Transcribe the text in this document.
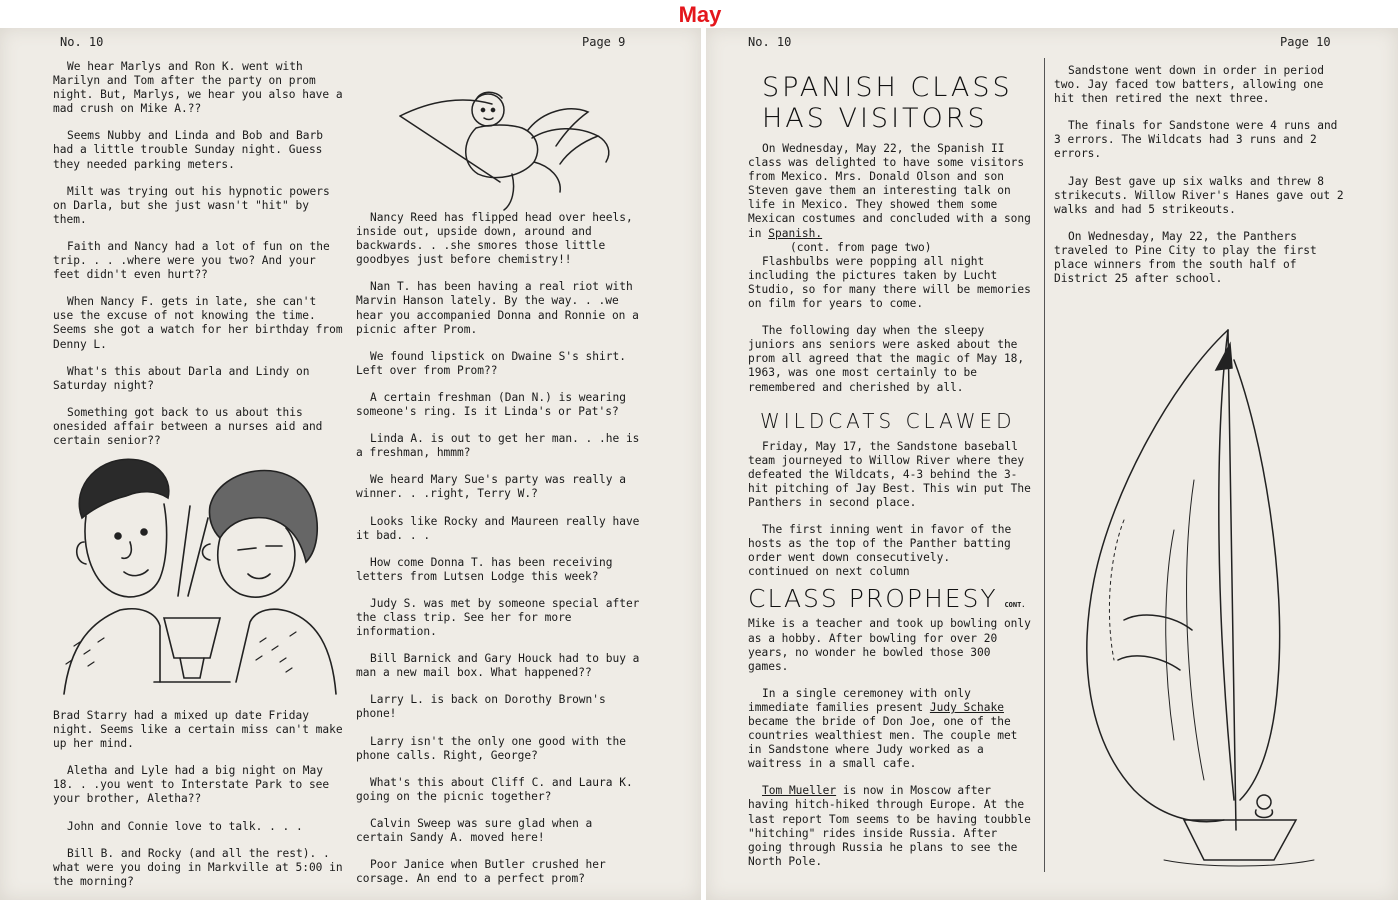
May
No. 10	Page 9

We hear Marlys and Ron K. went with Marilyn and Tom after the party on prom night. But, Marlys, we hear you also have a mad crush on Mike A.??

Seems Nubby and Linda and Bob and Barb had a little trouble Sunday night. Guess they needed parking meters.

Milt was trying out his hypnotic powers on Darla, but she just wasn't "hit" by them.

Faith and Nancy had a lot of fun on the trip. . . .where were you two? And your feet didn't even hurt??

When Nancy F. gets in late, she can't use the excuse of not knowing the time. Seems she got a watch for her birthday from Denny L.

What's this about Darla and Lindy on Saturday night?

Something got back to us about this onesided affair between a nurses aid and certain senior??

Brad Starry had a mixed up date Friday night. Seems like a certain miss can't make up her mind.

Aletha and Lyle had a big night on May 18. . .you went to Interstate Park to see your brother, Aletha??

John and Connie love to talk. . . .

Bill B. and Rocky (and all the rest). . what were you doing in Markville at 5:00 in the morning?

Nancy Reed has flipped head over heels, inside out, upside down, around and backwards. . .she smores those little goodbyes just before chemistry!!

Nan T. has been having a real riot with Marvin Hanson lately. By the way. . .we hear you accompanied Donna and Ronnie on a picnic after Prom.

We found lipstick on Dwaine S's shirt. Left over from Prom??

A certain freshman (Dan N.) is wearing someone's ring. Is it Linda's or Pat's?

Linda A. is out to get her man. . .he is a freshman, hmmm?

We heard Mary Sue's party was really a winner. . .right, Terry W.?

Looks like Rocky and Maureen really have it bad. . .

How come Donna T. has been receiving letters from Lutsen Lodge this week?

Judy S. was met by someone special after the class trip. See her for more information.

Bill Barnick and Gary Houck had to buy a man a new mail box. What happened??

Larry L. is back on Dorothy Brown's phone!

Larry isn't the only one good with the phone calls. Right, George?

What's this about Cliff C. and Laura K. going on the picnic together?

Calvin Sweep was sure glad when a certain Sandy A. moved here!

Poor Janice when Butler crushed her corsage. An end to a perfect prom?

No. 10	Page 10
SPANISH CLASS
HAS VISITORS

On Wednesday, May 22, the Spanish II class was delighted to have some visitors from Mexico. Mrs. Donald Olson and son Steven gave them an interesting talk on life in Mexico. They showed them some Mexican costumes and concluded with a song in Spanish.

(cont. from page two)

Flashbulbs were popping all night including the pictures taken by Lucht Studio, so for many there will be memories on film for years to come.

The following day when the sleepy juniors ans seniors were asked about the prom all agreed that the magic of May 18, 1963, was one most certainly to be remembered and cherished by all.

WILDCATS CLAWED

Friday, May 17, the Sandstone baseball team journeyed to Willow River where they defeated the Wildcats, 4-3 behind the 3-hit pitching of Jay Best. This win put The Panthers in second place.

The first inning went in favor of the hosts as the top of the Panther batting order went down consecutively.

continued on next column
CLASS PROPHESY CONT.

Mike is a teacher and took up bowling only as a hobby. After bowling for over 20 years, no wonder he bowled those 300 games.

In a single ceremoney with only immediate families present Judy Schake became the bride of Don Joe, one of the countries wealthiest men. The couple met in Sandstone where Judy worked as a waitress in a small cafe.

Tom Mueller is now in Moscow after having hitch-hiked through Europe. At the last report Tom seems to be having toubble "hitching" rides inside Russia. After going through Russia he plans to see the North Pole.

Sandstone went down in order in period two. Jay faced tow batters, allowing one hit then retired the next three.

The finals for Sandstone were 4 runs and 3 errors. The Wildcats had 3 runs and 2 errors.

Jay Best gave up six walks and threw 8 strikecuts. Willow River's Hanes gave out 2 walks and had 5 strikeouts.

On Wednesday, May 22, the Panthers traveled to Pine City to play the first place winners from the south half of District 25 after school.
